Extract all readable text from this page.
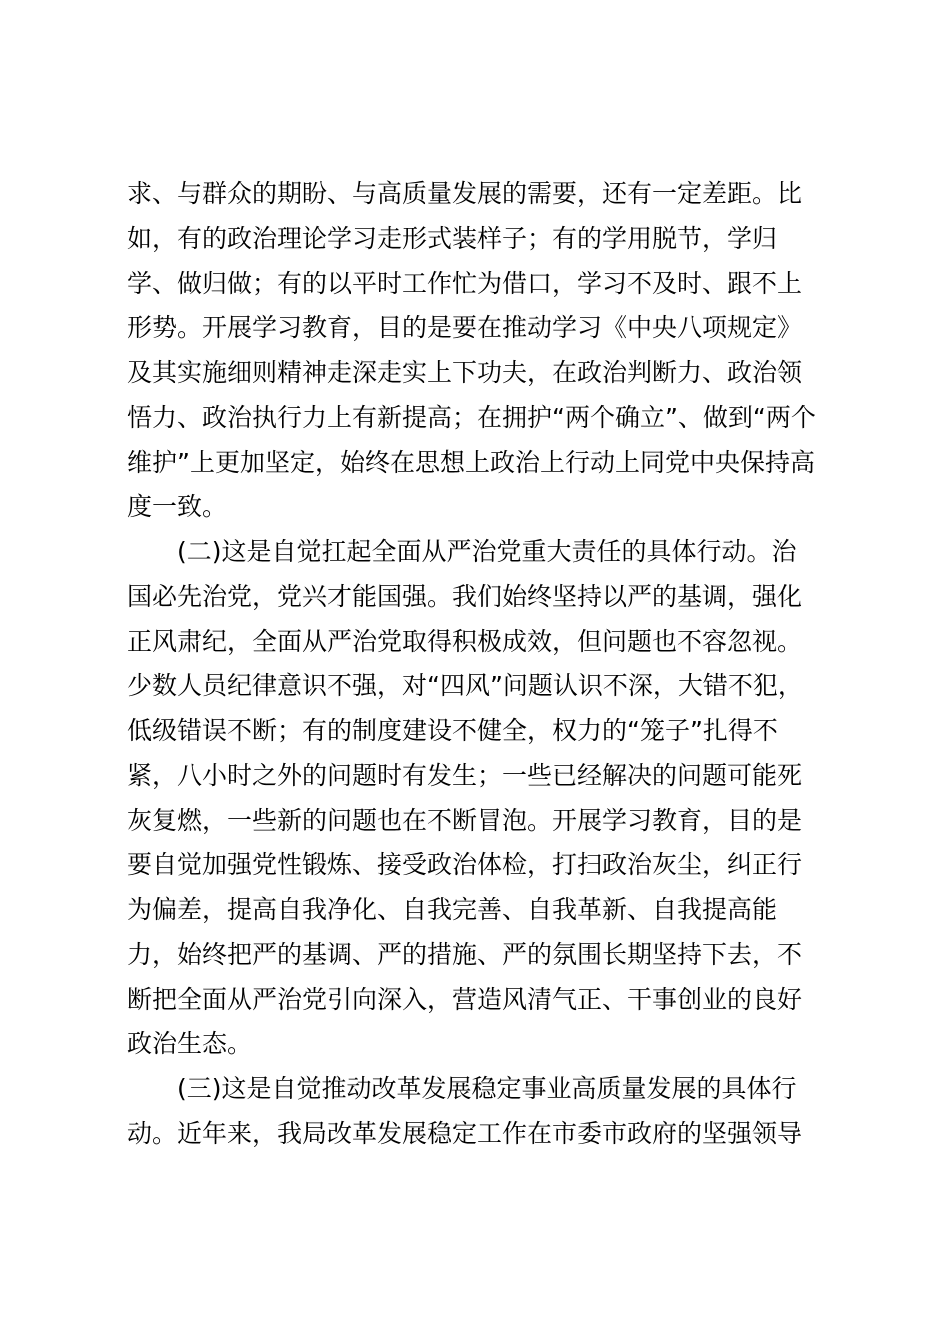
求、与群众的期盼、与高质量发展的需要，还有一定差距。比
如，有的政治理论学习走形式装样子；有的学用脱节，学归
学、做归做；有的以平时工作忙为借口，学习不及时、跟不上
形势。开展学习教育，目的是要在推动学习《中央八项规定》
及其实施细则精神走深走实上下功夫，在政治判断力、政治领
悟力、政治执行力上有新提高；在拥护“两个确立”、做到“两个
维护”上更加坚定，始终在思想上政治上行动上同党中央保持高
度一致。
　　(二)这是自觉扛起全面从严治党重大责任的具体行动。治
国必先治党，党兴才能国强。我们始终坚持以严的基调，强化
正风肃纪，全面从严治党取得积极成效，但问题也不容忽视。
少数人员纪律意识不强，对“四风”问题认识不深，大错不犯，
低级错误不断；有的制度建设不健全，权力的“笼子”扎得不
紧，八小时之外的问题时有发生；一些已经解决的问题可能死
灰复燃，一些新的问题也在不断冒泡。开展学习教育，目的是
要自觉加强党性锻炼、接受政治体检，打扫政治灰尘，纠正行
为偏差，提高自我净化、自我完善、自我革新、自我提高能
力，始终把严的基调、严的措施、严的氛围长期坚持下去，不
断把全面从严治党引向深入，营造风清气正、干事创业的良好
政治生态。
　　(三)这是自觉推动改革发展稳定事业高质量发展的具体行
动。近年来，我局改革发展稳定工作在市委市政府的坚强领导
